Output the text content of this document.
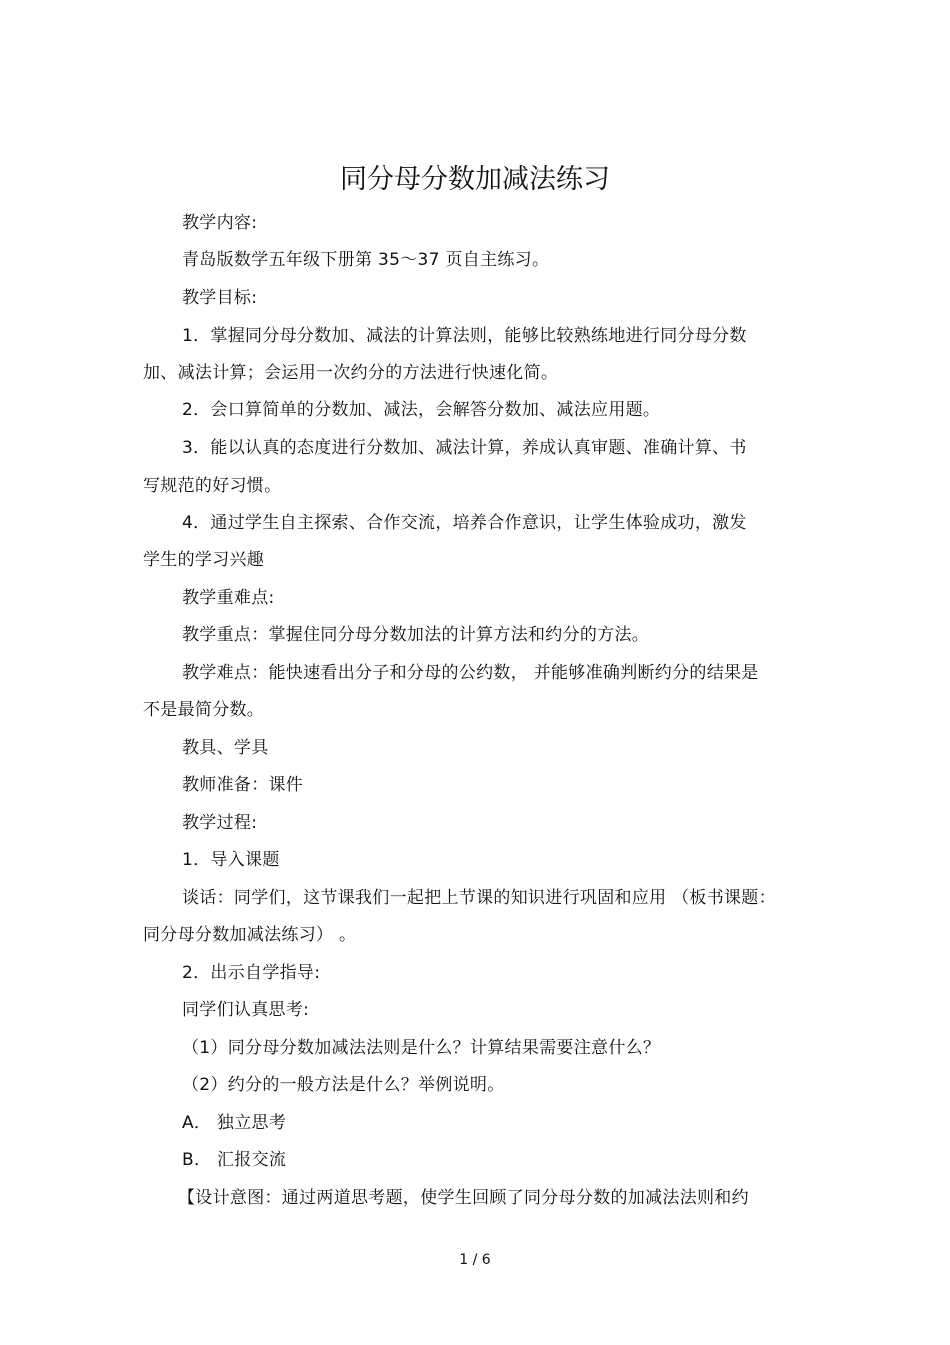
同分母分数加减法练习
教学内容:
青岛版数学五年级下册第 35～37 页自主练习。
教学目标:
1．掌握同分母分数加、减法的计算法则，能够比较熟练地进行同分母分数
加、减法计算；会运用一次约分的方法进行快速化简。
2．会口算简单的分数加、减法，会解答分数加、减法应用题。
3．能以认真的态度进行分数加、减法计算，养成认真审题、准确计算、书
写规范的好习惯。
4．通过学生自主探索、合作交流，培养合作意识，让学生体验成功，激发
学生的学习兴趣
教学重难点:
教学重点：掌握住同分母分数加法的计算方法和约分的方法。
教学难点：能快速看出分子和分母的公约数， 并能够准确判断约分的结果是
不是最简分数。
教具、学具
教师准备：课件
教学过程:
1．导入课题
谈话：同学们，这节课我们一起把上节课的知识进行巩固和应用 （板书课题：
同分母分数加减法练习） 。
2．出示自学指导:
同学们认真思考:
（1）同分母分数加减法法则是什么？计算结果需要注意什么？
（2）约分的一般方法是什么？举例说明。
A． 独立思考
B． 汇报交流
【设计意图：通过两道思考题，使学生回顾了同分母分数的加减法法则和约
1 / 6
